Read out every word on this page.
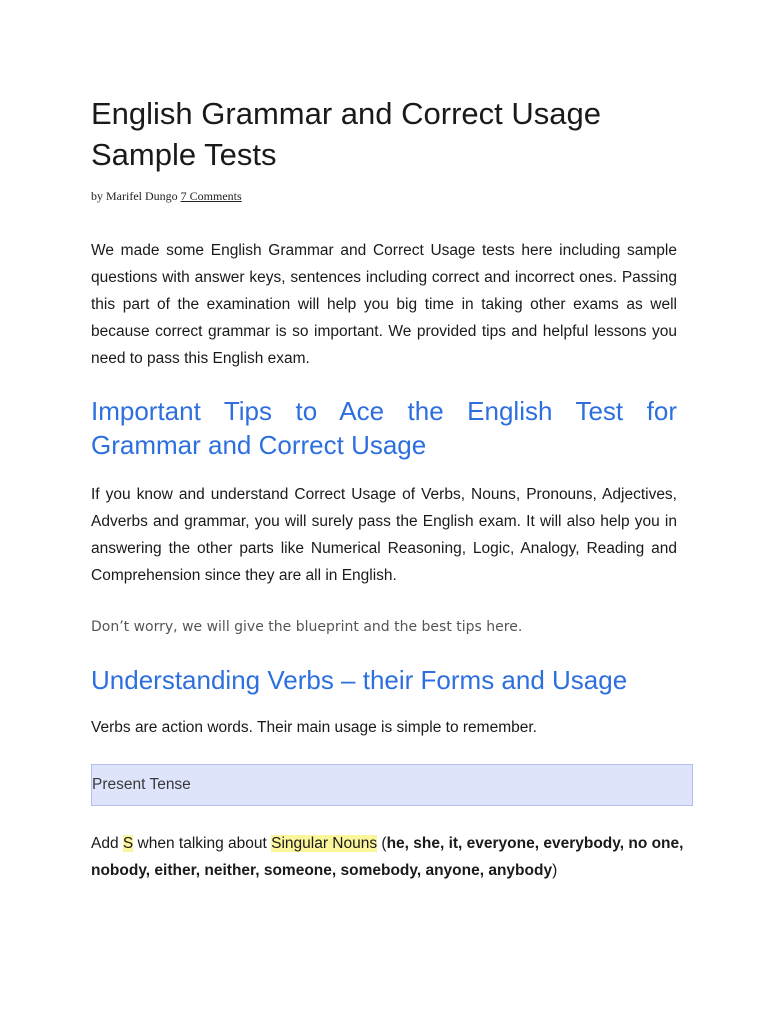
English Grammar and Correct Usage Sample Tests
by Marifel Dungo 7 Comments

We made some English Grammar and Correct Usage tests here including sample questions with answer keys, sentences including correct and incorrect ones. Passing this part of the examination will help you big time in taking other exams as well because correct grammar is so important. We provided tips and helpful lessons you need to pass this English exam.

Important Tips to Ace the English Test for
Grammar and Correct Usage

If you know and understand Correct Usage of Verbs, Nouns, Pronouns, Adjectives, Adverbs and grammar, you will surely pass the English exam. It will also help you in answering the other parts like Numerical Reasoning, Logic, Analogy, Reading and Comprehension since they are all in English.

Don’t worry, we will give the blueprint and the best tips here.
Understanding Verbs – their Forms and Usage
Verbs are action words. Their main usage is simple to remember.
Present Tense

Add S when talking about Singular Nouns (he, she, it, everyone, everybody, no one, nobody, either, neither, someone, somebody, anyone, anybody)
